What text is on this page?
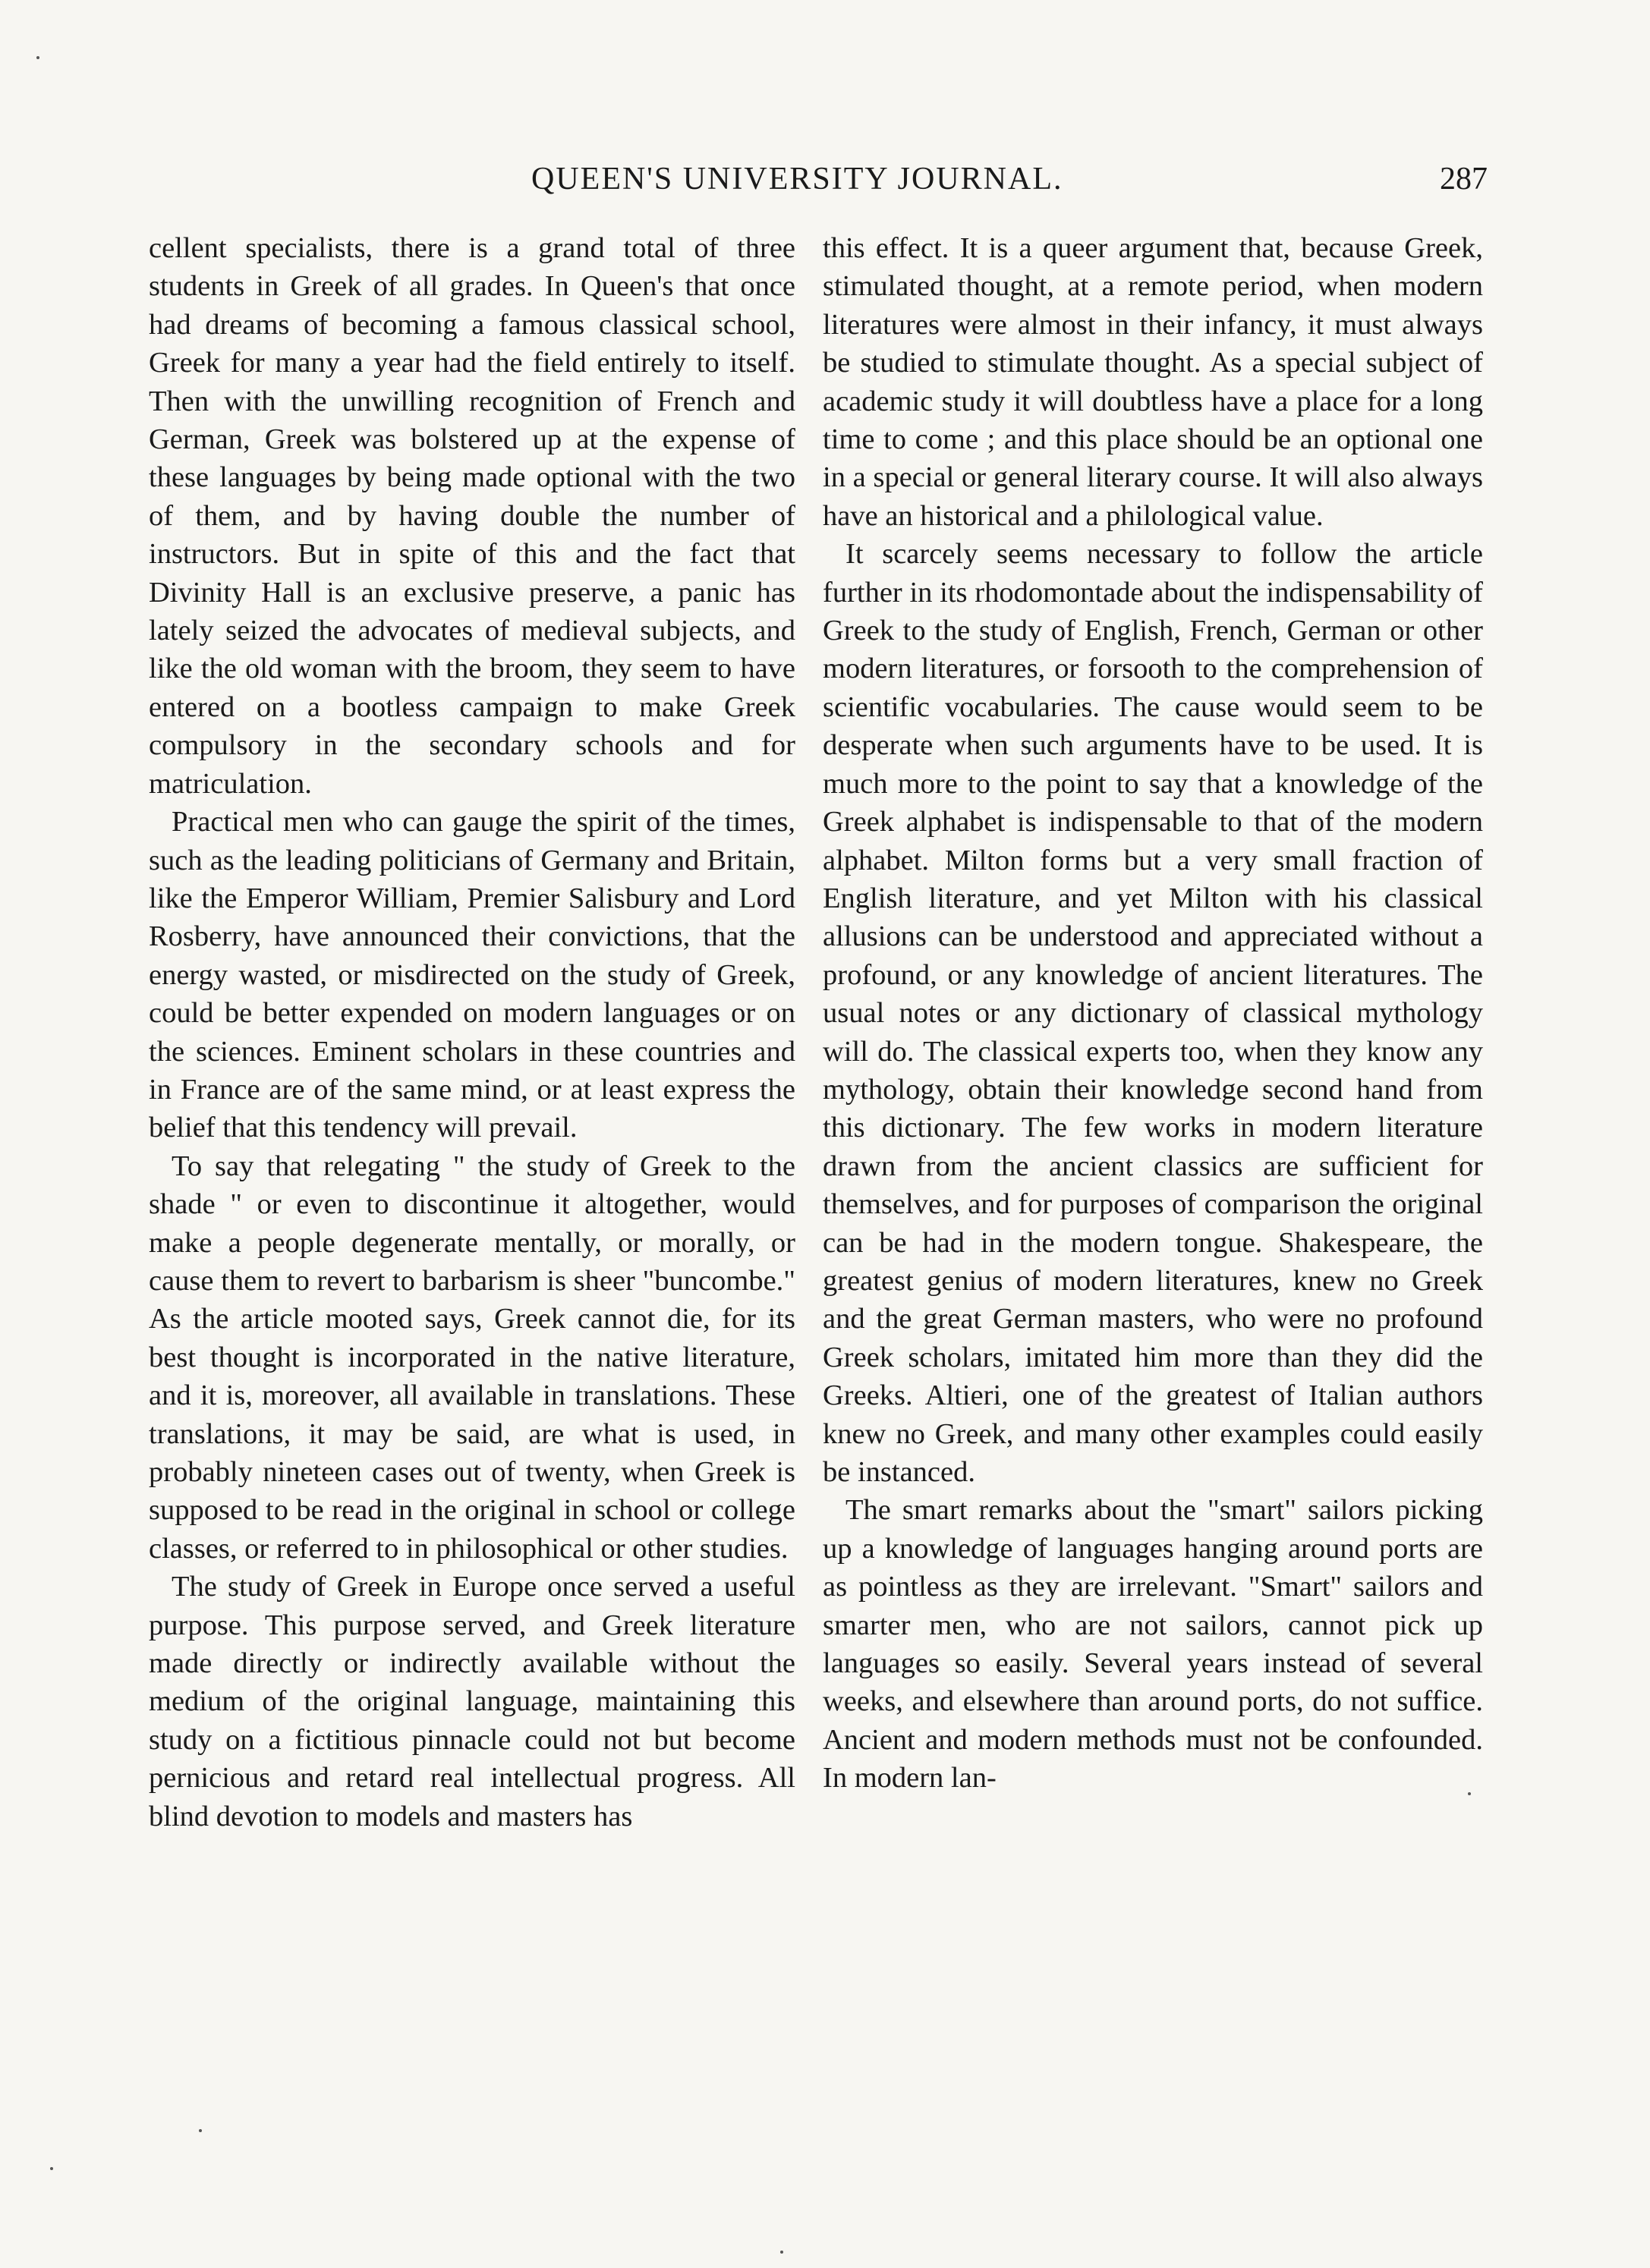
QUEEN'S UNIVERSITY JOURNAL.	287

cellent specialists, there is a grand total of three students in Greek of all grades. In Queen's that once had dreams of becoming a famous classical school, Greek for many a year had the field entirely to itself. Then with the unwilling recognition of French and German, Greek was bolstered up at the expense of these languages by being made optional with the two of them, and by having double the number of instructors. But in spite of this and the fact that Divinity Hall is an exclusive preserve, a panic has lately seized the advocates of medieval subjects, and like the old woman with the broom, they seem to have entered on a bootless campaign to make Greek compulsory in the secondary schools and for matriculation.

Practical men who can gauge the spirit of the times, such as the leading politicians of Germany and Britain, like the Emperor William, Premier Salisbury and Lord Rosberry, have announced their convictions, that the energy wasted, or misdirected on the study of Greek, could be better expended on modern languages or on the sciences. Eminent scholars in these countries and in France are of the same mind, or at least express the belief that this tendency will prevail.

To say that relegating " the study of Greek to the shade " or even to discontinue it altogether, would make a people degenerate mentally, or morally, or cause them to revert to barbarism is sheer "buncombe." As the article mooted says, Greek cannot die, for its best thought is incorporated in the native literature, and it is, moreover, all available in translations. These translations, it may be said, are what is used, in probably nineteen cases out of twenty, when Greek is supposed to be read in the original in school or college classes, or referred to in philosophical or other studies.

The study of Greek in Europe once served a useful purpose. This purpose served, and Greek literature made directly or indirectly available without the medium of the original language, maintaining this study on a fictitious pinnacle could not but become pernicious and retard real intellectual progress. All blind devotion to models and masters has

this effect. It is a queer argument that, because Greek, stimulated thought, at a remote period, when modern literatures were almost in their infancy, it must always be studied to stimulate thought. As a special subject of academic study it will doubtless have a place for a long time to come ; and this place should be an optional one in a special or general literary course. It will also always have an historical and a philological value.

It scarcely seems necessary to follow the article further in its rhodomontade about the indispensability of Greek to the study of English, French, German or other modern literatures, or forsooth to the comprehension of scientific vocabularies. The cause would seem to be desperate when such arguments have to be used. It is much more to the point to say that a knowledge of the Greek alphabet is indispensable to that of the modern alphabet. Milton forms but a very small fraction of English literature, and yet Milton with his classical allusions can be understood and appreciated without a profound, or any knowledge of ancient literatures. The usual notes or any dictionary of classical mythology will do. The classical experts too, when they know any mythology, obtain their knowledge second hand from this dictionary. The few works in modern literature drawn from the ancient classics are sufficient for themselves, and for purposes of comparison the original can be had in the modern tongue. Shakespeare, the greatest genius of modern literatures, knew no Greek and the great German masters, who were no profound Greek scholars, imitated him more than they did the Greeks. Altieri, one of the greatest of Italian authors knew no Greek, and many other examples could easily be instanced.

The smart remarks about the "smart" sailors picking up a knowledge of languages hanging around ports are as pointless as they are irrelevant. "Smart" sailors and smarter men, who are not sailors, cannot pick up languages so easily. Several years instead of several weeks, and elsewhere than around ports, do not suffice. Ancient and modern methods must not be confounded. In modern lan-
